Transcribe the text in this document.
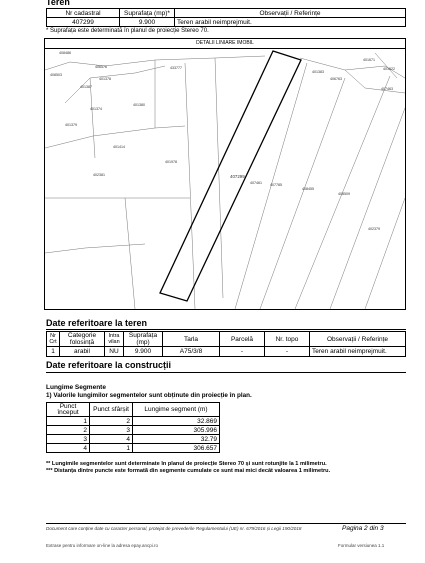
Teren
Nr cadastral	Suprafața (mp)*	Observații / Referințe
407299	9.900	Teren arabil neimprejmuit.
* Suprafața este determinată în planul de proiecție Stereo 70.
DETALII LINIARE IMOBIL
407299
408486
408503
401387
406576	433777
401378
401374
401380
401379
401414
402381
401978
401383
406763
401671
401522
407463
407461 407785
408455
408509
402379
Date referitoare la teren
Nr Crt	Categorie folosință	Intra vilan	Suprafața (mp)	Tarla	Parcelă	Nr. topo	Observații / Referințe
1	arabil	NU	9.900	A75/3/8	-	-	Teren arabil neimprejmuit.
Date referitoare la construcții
Lungime Segmente
1) Valorile lungimilor segmentelor sunt obținute din proiecție în plan.
Punct început	Punct sfârșit	Lungime segment (m)
1	2	32.869
2	3	305.996
3	4	32.79
4	1	306.657
** Lungimile segmentelor sunt determinate în planul de proiecție Stereo 70 și sunt rotunjite la 1 milimetru.
*** Distanța dintre puncte este formată din segmente cumulate ce sunt mai mici decât valoarea 1 milimetru.
Document care conține date cu caracter personal, protejat de prevederile Regulamentului (UE) nr. 679/2016 și Legii 190/2018	Pagina 2 din 3
Extrase pentru informare on-line la adresa epay.ancpi.ro	Formular versiunea 1.1
